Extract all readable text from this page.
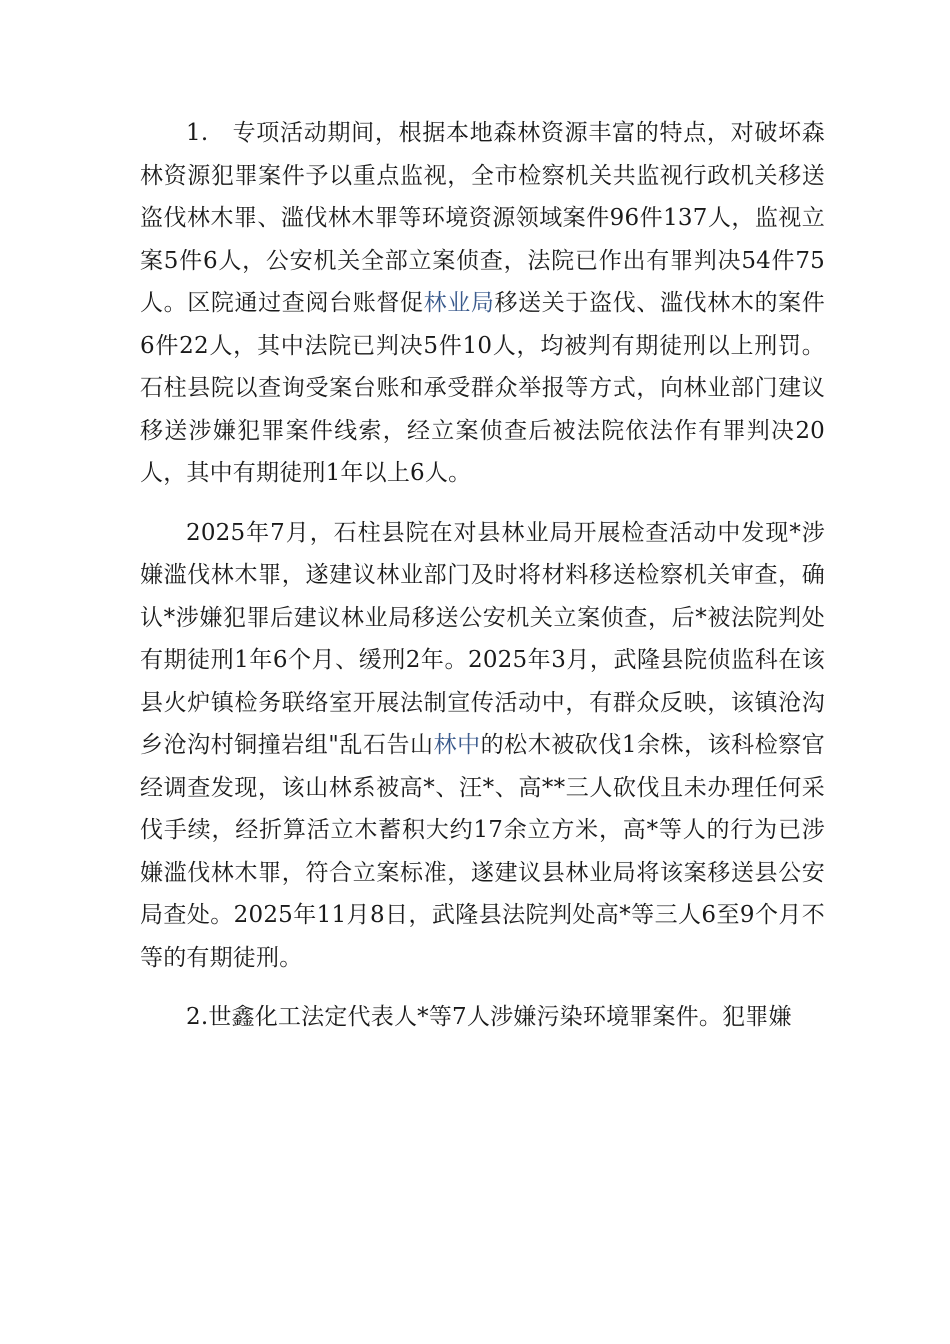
1.　专项活动期间，根据本地森林资源丰富的特点，对破坏森林资源犯罪案件予以重点监视，全市检察机关共监视行政机关移送盗伐林木罪、滥伐林木罪等环境资源领域案件96件137人，监视立案5件6人，公安机关全部立案侦查，法院已作出有罪判决54件75人。区院通过查阅台账督促林业局移送关于盗伐、滥伐林木的案件6件22人，其中法院已判决5件10人，均被判有期徒刑以上刑罚。石柱县院以查询受案台账和承受群众举报等方式，向林业部门建议移送涉嫌犯罪案件线索，经立案侦查后被法院依法作有罪判决20人，其中有期徒刑1年以上6人。

2025年7月，石柱县院在对县林业局开展检查活动中发现*涉嫌滥伐林木罪，遂建议林业部门及时将材料移送检察机关审查，确认*涉嫌犯罪后建议林业局移送公安机关立案侦查，后*被法院判处有期徒刑1年6个月、缓刑2年。2025年3月，武隆县院侦监科在该县火炉镇检务联络室开展法制宣传活动中，有群众反映，该镇沧沟乡沧沟村铜撞岩组"乱石告山林中的松木被砍伐1余株，该科检察官经调查发现，该山林系被高*、汪*、高**三人砍伐且未办理任何采伐手续，经折算活立木蓄积大约17余立方米，高*等人的行为已涉嫌滥伐林木罪，符合立案标准，遂建议县林业局将该案移送县公安局查处。2025年11月8日，武隆县法院判处高*等三人6至9个月不等的有期徒刑。

2.世鑫化工法定代表人*等7人涉嫌污染环境罪案件。犯罪嫌
